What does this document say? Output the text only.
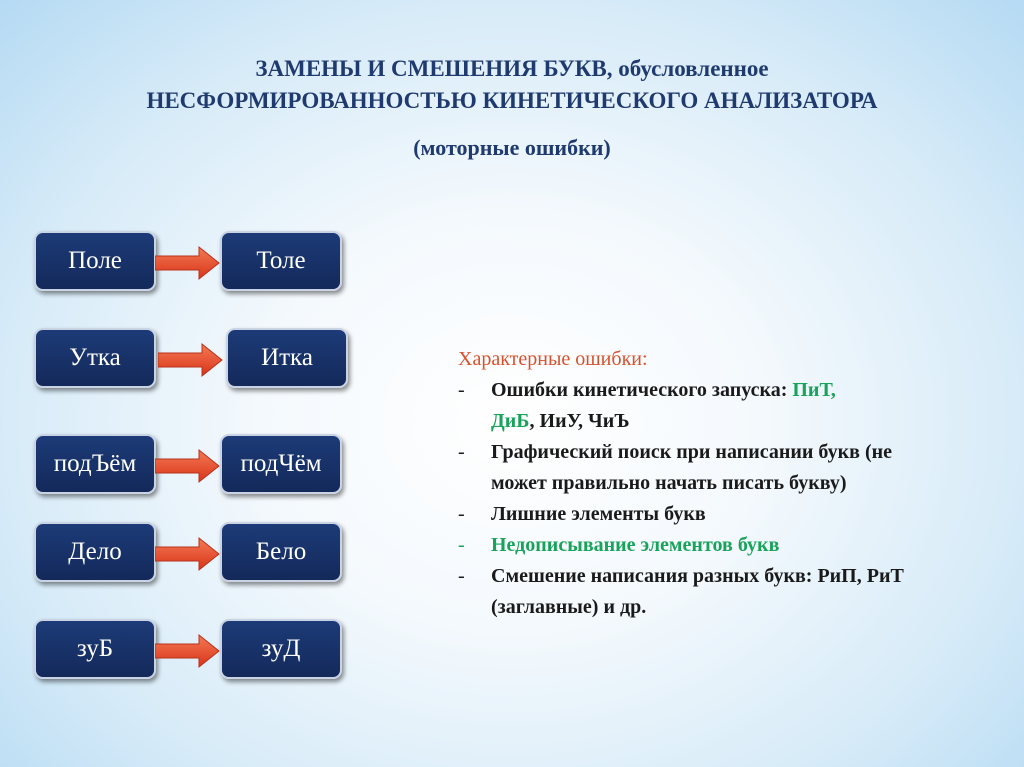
ЗАМЕНЫ И СМЕШЕНИЯ БУКВ, обусловленное

НЕСФОРМИРОВАННОСТЬЮ КИНЕТИЧЕСКОГО АНАЛИЗАТОРА

(моторные ошибки)

Поле	Толе
Утка	Итка
подЪём	подЧём
Дело	Бело
зуБ	зуД
Характерные ошибки:
- Ошибки кинетического запуска: ПиТ,
ДиБ, ИиУ, ЧиЪ
- Графический поиск при написании букв (не может правильно начать писать букву)
- Лишние элементы букв
- Недописывание элементов букв
- Смешение написания разных букв: РиП, РиТ (заглавные) и др.
